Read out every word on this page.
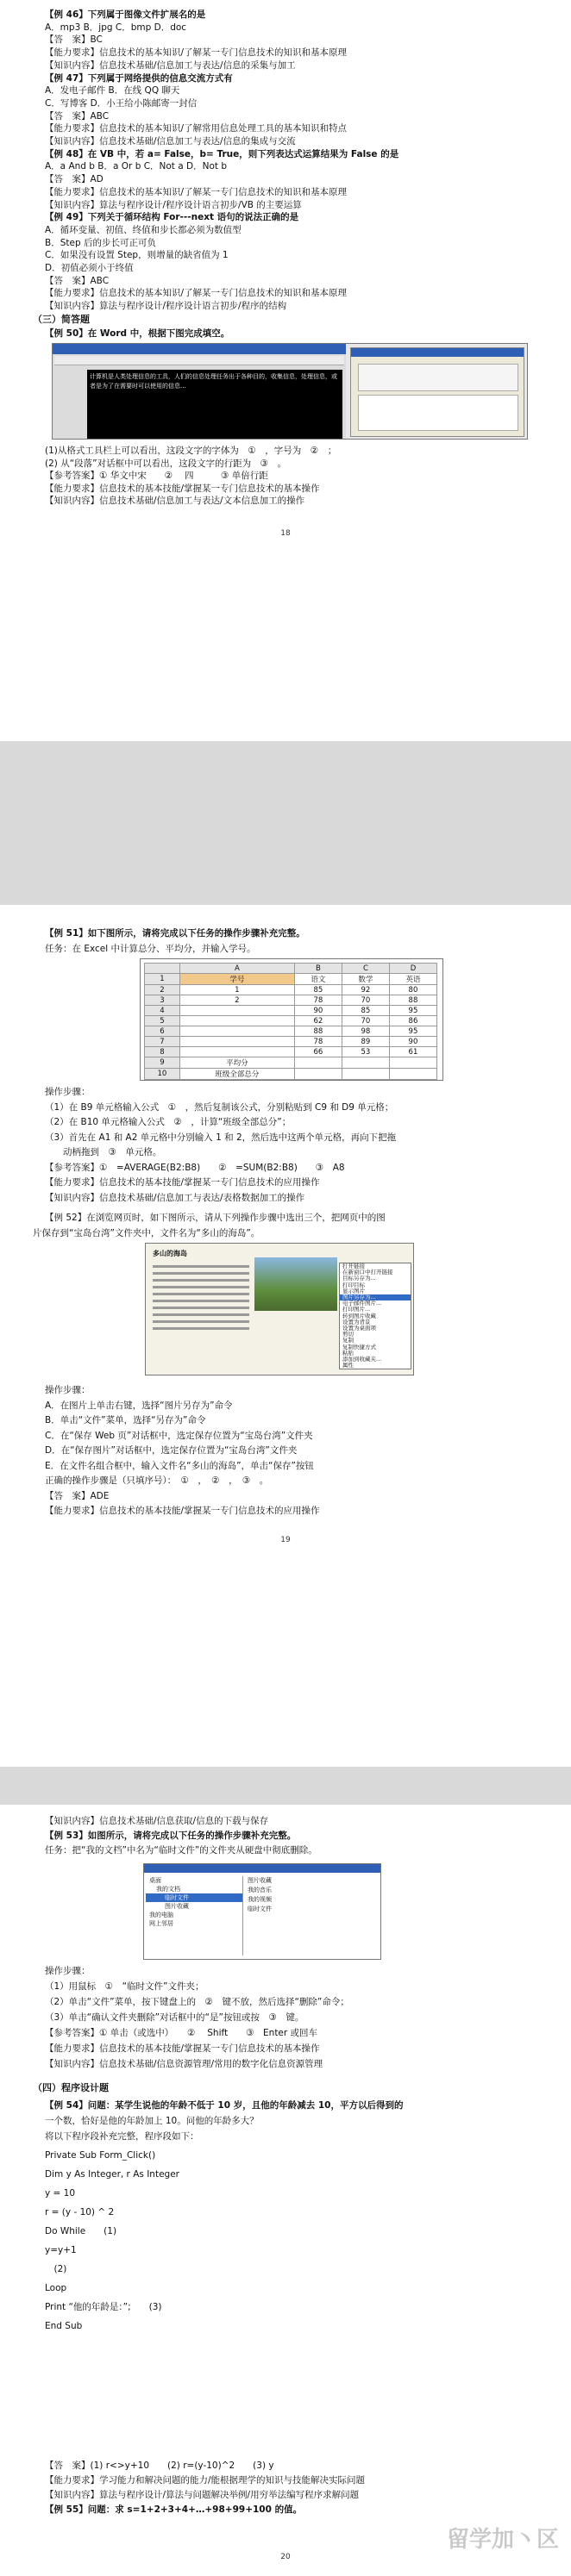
【例 46】下列属于图像文件扩展名的是
A．mp3 B．jpg C．bmp D．doc
【答　案】BC
【能力要求】信息技术的基本知识/了解某一专门信息技术的知识和基本原理
【知识内容】信息技术基础/信息加工与表达/信息的采集与加工
【例 47】下列属于网络提供的信息交流方式有
A．发电子邮件 B．在线 QQ 聊天
C．写博客 D．小王给小陈邮寄一封信
【答　案】ABC
【能力要求】信息技术的基本知识/了解常用信息处理工具的基本知识和特点
【知识内容】信息技术基础/信息加工与表达/信息的集成与交流
【例 48】在 VB 中，若 a= False，b= True，则下列表达式运算结果为 False 的是
A．a And b B．a Or b C．Not a D．Not b
【答　案】AD
【能力要求】信息技术的基本知识/了解某一专门信息技术的知识和基本原理
【知识内容】算法与程序设计/程序设计语言初步/VB 的主要运算
【例 49】下列关于循环结构 For---next 语句的说法正确的是
A．循环变量、初值、终值和步长都必须为数值型
B．Step 后的步长可正可负
C．如果没有设置 Step，则增量的缺省值为 1
D．初值必须小于终值
【答　案】ABC
【能力要求】信息技术的基本知识/了解某一专门信息技术的知识和基本原理
【知识内容】算法与程序设计/程序设计语言初步/程序的结构
（三）简答题
【例 50】在 Word 中，根据下图完成填空。
计算机是人类处理信息的工具，人们的信息处理任务出于各种目的，收集信息，处理信息，或者是为了在需要时可以使用的信息...
(1)从格式工具栏上可以看出，这段文字的字体为　①　，字号为　②　；
(2) 从“段落”对话框中可以看出，这段文字的行距为　③　。
【参考答案】① 华文中宋　　②　 四　　　③ 单倍行距
【能力要求】信息技术的基本技能/掌握某一专门信息技术的基本操作
【知识内容】信息技术基础/信息加工与表达/文本信息加工的操作
18
【例 51】如下图所示，请将完成以下任务的操作步骤补充完整。
任务：在 Excel 中计算总分、平均分，并输入学号。
	A	B	C	D
1	学号	语文	数学	英语
2	1	85	92	80
3	2	78	70	88
4		90	85	95
5		62	70	86
6		88	98	95
7		78	89	90
8		66	53	61
9	平均分			
10	班级全部总分			
操作步骤：
（1）在 B9 单元格输入公式　①　，然后复制该公式，分别粘贴到 C9 和 D9 单元格；
（2）在 B10 单元格输入公式　②　，计算“班级全部总分”；
（3）首先在 A1 和 A2 单元格中分别输入 1 和 2，然后选中这两个单元格，再向下把拖
　　动柄拖到　③　单元格。
【参考答案】①　=AVERAGE(B2:B8)　　②　=SUM(B2:B8)　　③　A8
【能力要求】信息技术的基本技能/掌握某一专门信息技术的应用操作
【知识内容】信息技术基础/信息加工与表达/表格数据加工的操作
【例 52】在浏览网页时，如下图所示，请从下列操作步骤中选出三个，把网页中的图
片保存到“宝岛台湾”文件夹中，文件名为“多山的海岛”。
多山的海岛
打开链接
在新窗口中打开链接
目标另存为...
打印目标
显示图片
图片另存为...
电子邮件图片...
打印图片...
转到图片收藏
设置为背景
设置为桌面项
剪切
复制
复制快捷方式
粘贴
添加到收藏夹...
属性
操作步骤：
A．在图片上单击右键，选择“图片另存为”命令
B．单击“文件”菜单，选择“另存为”命令
C．在“保存 Web 页”对话框中，选定保存位置为“宝岛台湾”文件夹
D．在“保存图片”对话框中，选定保存位置为“宝岛台湾”文件夹
E．在文件名组合框中，输入文件名“多山的海岛”，单击“保存”按钮
正确的操作步骤是（只填序号）：　①　，　②　，　③　。
【答　案】ADE
【能力要求】信息技术的基本技能/掌握某一专门信息技术的应用操作
19
【知识内容】信息技术基础/信息获取/信息的下载与保存
【例 53】如图所示，请将完成以下任务的操作步骤补充完整。
任务：把“我的文档”中名为“临时文件”的文件夹从硬盘中彻底删除。
桌面
我的文档
临时文件
图片收藏
我的电脑
网上邻居
图片收藏
我的音乐
我的视频
临时文件
操作步骤：
（1）用鼠标　①　“临时文件”文件夹；
（2）单击“文件”菜单，按下键盘上的　②　键不放，然后选择“删除”命令；
（3）单击“确认文件夹删除”对话框中的“是”按钮或按　③　键。
【参考答案】① 单击（或选中）　　②　 Shift　　③　Enter 或回车
【能力要求】信息技术的基本技能/掌握某一专门信息技术的基本操作
【知识内容】信息技术基础/信息资源管理/常用的数字化信息资源管理
（四）程序设计题
【例 54】问题：某学生说他的年龄不低于 10 岁，且他的年龄减去 10，平方以后得到的
一个数，恰好是他的年龄加上 10。问他的年龄多大？
将以下程序段补充完整，程序段如下：
Private Sub Form_Click()
Dim y As Integer, r As Integer
y = 10
r = (y - 10) ^ 2
Do While　　(1)　　
y=y+1
　(2)　　
Loop
Print “他的年龄是：”;　　(3)　　
End Sub
【答　案】(1) r<>y+10　　(2) r=(y-10)^2　　(3) y
【能力要求】学习能力和解决问题的能力/能根据理学的知识与技能解决实际问题
【知识内容】算法与程序设计/算法与问题解决举例/用穷举法编写程序求解问题
【例 55】问题：求 s=1+2+3+4+…+98+99+100 的值。
留学加丶区
20
